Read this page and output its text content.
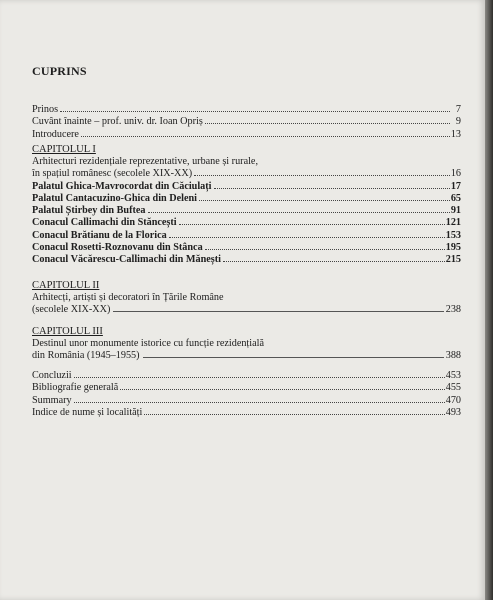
CUPRINS
Prinos	7
Cuvânt înainte – prof. univ. dr. Ioan Opriș	9
Introducere	13
CAPITOLUL I
Arhitecturi rezidențiale reprezentative, urbane și rurale,
în spațiul românesc (secolele XIX-XX)	16
Palatul Ghica-Mavrocordat din Căciulați	17
Palatul Cantacuzino-Ghica din Deleni	65
Palatul Știrbey din Buftea	91
Conacul Callimachi din Stăncești	121
Conacul Brătianu de la Florica	153
Conacul Rosetti-Roznovanu din Stânca	195
Conacul Văcărescu-Callimachi din Mănești	215
CAPITOLUL II
Arhitecți, artiști și decoratori în Țările Române
(secolele XIX-XX)	238
CAPITOLUL III
Destinul unor monumente istorice cu funcție rezidențială
din România (1945–1955)	388
Concluzii	453
Bibliografie generală	455
Summary	470
Indice de nume și localități	493
